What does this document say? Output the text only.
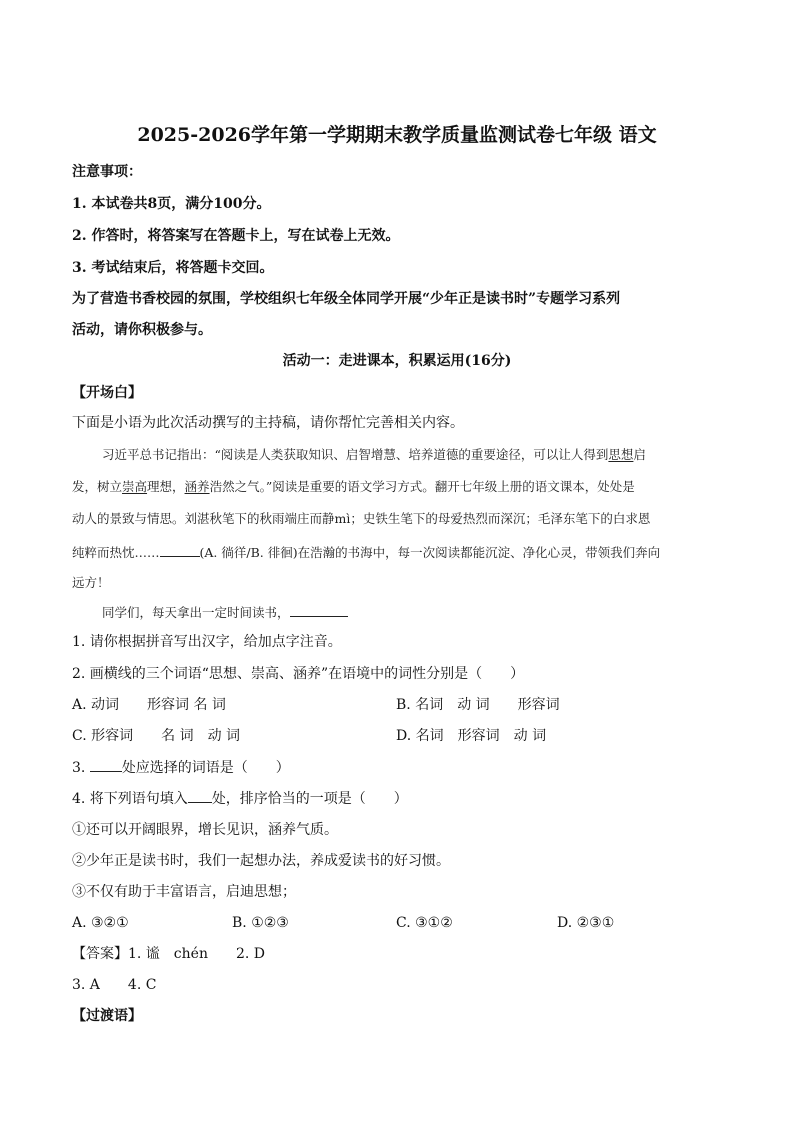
2025-2026学年第一学期期末教学质量监测试卷七年级 语文
注意事项：
1. 本试卷共8页，满分100分。
2. 作答时，将答案写在答题卡上，写在试卷上无效。
3. 考试结束后，将答题卡交回。
为了营造书香校园的氛围，学校组织七年级全体同学开展“少年正是读书时”专题学习系列
活动，请你积极参与。
活动一：走进课本，积累运用(16分)
【开场白】
下面是小语为此次活动撰写的主持稿，请你帮忙完善相关内容。
习近平总书记指出：“阅读是人类获取知识、启智增慧、培养道德的重要途径，可以让人得到思想启
发，树立崇高理想，涵养浩然之气。”阅读是重要的语文学习方式。翻开七年级上册的语文课本，处处是
动人的景致与情思。刘湛秋笔下的秋雨端庄而静mì；史铁生笔下的母爱热烈而深沉；毛泽东笔下的白求恩
纯粹而热忱……	(A. 徜徉/B. 徘徊)在浩瀚的书海中，每一次阅读都能沉淀、净化心灵，带领我们奔向
远方！
同学们，每天拿出一定时间读书，
1. 请你根据拼音写出汉字，给加点字注音。
2. 画横线的三个词语“思想、崇高、涵养”在语境中的词性分别是（　　）
A. 动词　　形容词 名 词	B. 名词　动 词　　形容词
C. 形容词　　名 词　动 词	D. 名词　形容词　动 词
3. 处应选择的词语是（　　）
4. 将下列语句填入 处，排序恰当的一项是（　　）
①还可以开阔眼界，增长见识，涵养气质。
②少年正是读书时，我们一起想办法，养成爱读书的好习惯。
③不仅有助于丰富语言，启迪思想；
A. ③②①	B. ①②③	C. ③①②	D. ②③①
【答案】1. 谧　chén　　2. D
3. A　　4. C
【过渡语】
